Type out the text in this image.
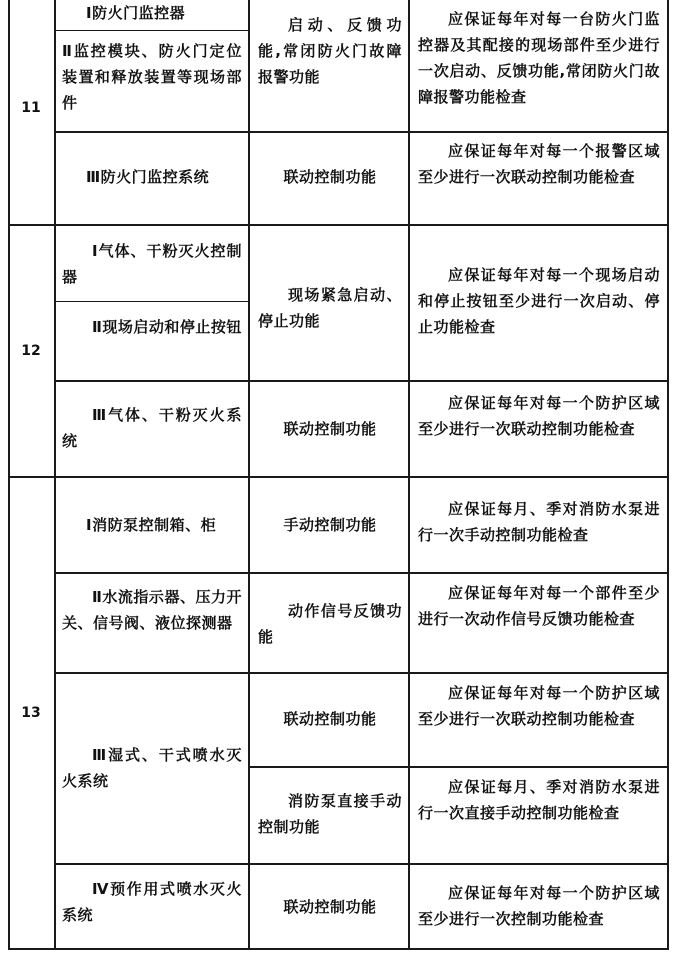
11
Ⅰ防火门监控器
Ⅱ监控模块、防火门定位装置和释放装置等现场部件
Ⅲ防火门监控系统
启动、反馈功能,常闭防火门故障报警功能
联动控制功能
应保证每年对每一台防火门监控器及其配接的现场部件至少进行一次启动、反馈功能,常闭防火门故障报警功能检查
应保证每年对每一个报警区域至少进行一次联动控制功能检查
12
Ⅰ气体、干粉灭火控制器
Ⅱ现场启动和停止按钮
Ⅲ气体、干粉灭火系统
现场紧急启动、停止功能
联动控制功能
应保证每年对每一个现场启动和停止按钮至少进行一次启动、停止功能检查
应保证每年对每一个防护区域至少进行一次联动控制功能检查
13
Ⅰ消防泵控制箱、柜
Ⅱ水流指示器、压力开关、信号阀、液位探测器
Ⅲ湿式、干式喷水灭火系统
Ⅳ预作用式喷水灭火系统
手动控制功能
动作信号反馈功能
联动控制功能
消防泵直接手动控制功能
联动控制功能
应保证每月、季对消防水泵进行一次手动控制功能检查
应保证每年对每一个部件至少进行一次动作信号反馈功能检查
应保证每年对每一个防护区域至少进行一次联动控制功能检查
应保证每月、季对消防水泵进行一次直接手动控制功能检查
应保证每年对每一个防护区域至少进行一次控制功能检查
